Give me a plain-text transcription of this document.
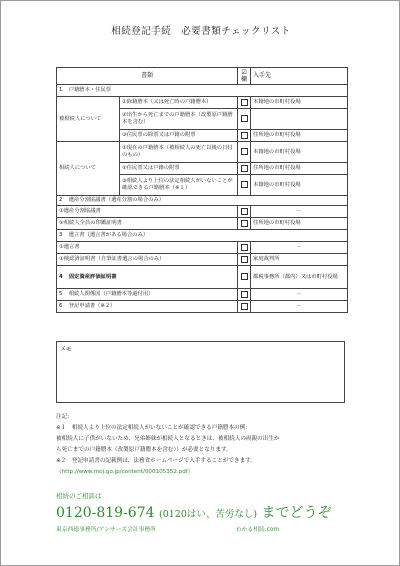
相続登記手続　必要書類チェックリスト
書類		☑欄	入手先
1 戸籍謄本・住民票			
被相続人について	①除籍謄本（又は死亡時の戸籍謄本）		本籍地の市町村役場
	②出生から死亡までの戸籍謄本（改製原戸籍謄本を含む）		
	③住民票の除票又は戸籍の附票		住所地の市町村役場
相続人について	①現在の戸籍謄本（被相続人の死亡以後の日付のもの）		本籍地の市町村役場
	②住民票又は戸籍の附票		住所地の市町村役場
	③相続人より上位の法定相続人がいないことが確認できる戸籍謄本（※１）		本籍地の市町村役場
2 遺産分割協議書（遺産分割の場合のみ）			
①遺産分割協議書			－
②相続人全員の印鑑証明書			住所地の市町村役場
3 遺言書（遺言書がある場合のみ）			
①遺言書			－
②検認済証明書（自筆証書遺言の場合のみ）			家庭裁判所
4 固定資産評価証明書			都税事務所（都内）又は市町村役場
5 相続人関係図（戸籍謄本等還付用）			－
6 登記申請書（※２）			－
メモ
注記：
※１　相続人より上位の法定相続人がいないことが確認できる戸籍謄本の例：
被相続人に子供がいないため、兄弟姉妹が相続人となるときは、被相続人の両親の出生か
ら死亡までの戸籍謄本（改製原戸籍謄本を含む））が必要となります。
※２　登記申請書の記載例は、法務省ホームページで入手することができます。
（http://www.moj.go.jp/content/000105352.pdf）
相続のご相談は
0120-819-674 (0120はい、苦労なし) までどうぞ
東京西徳事務所/アンサーズ会計事務所	わかる相続.com
